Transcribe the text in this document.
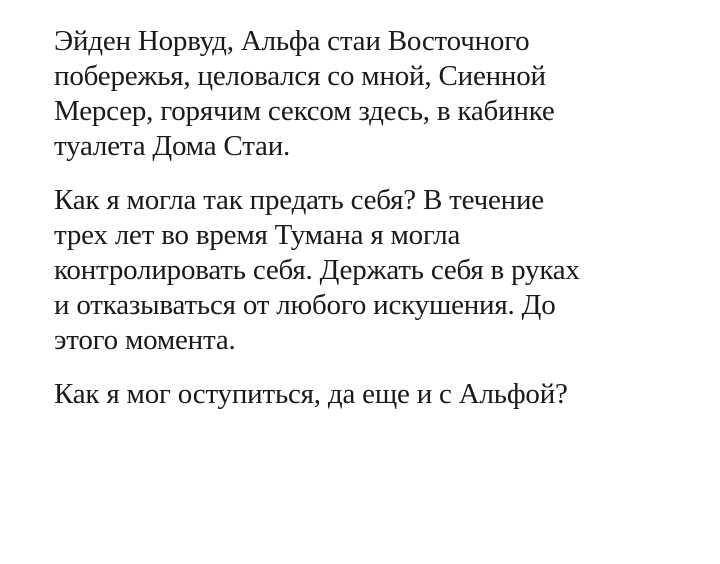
Эйден Норвуд, Альфа стаи Восточного
побережья, целовался со мной, Сиенной
Мерсер, горячим сексом здесь, в кабинке
туалета Дома Стаи.

Как я могла так предать себя? В течение
трех лет во время Тумана я могла
контролировать себя. Держать себя в руках
и отказываться от любого искушения. До
этого момента.

Как я мог оступиться, да еще и с Альфой?
